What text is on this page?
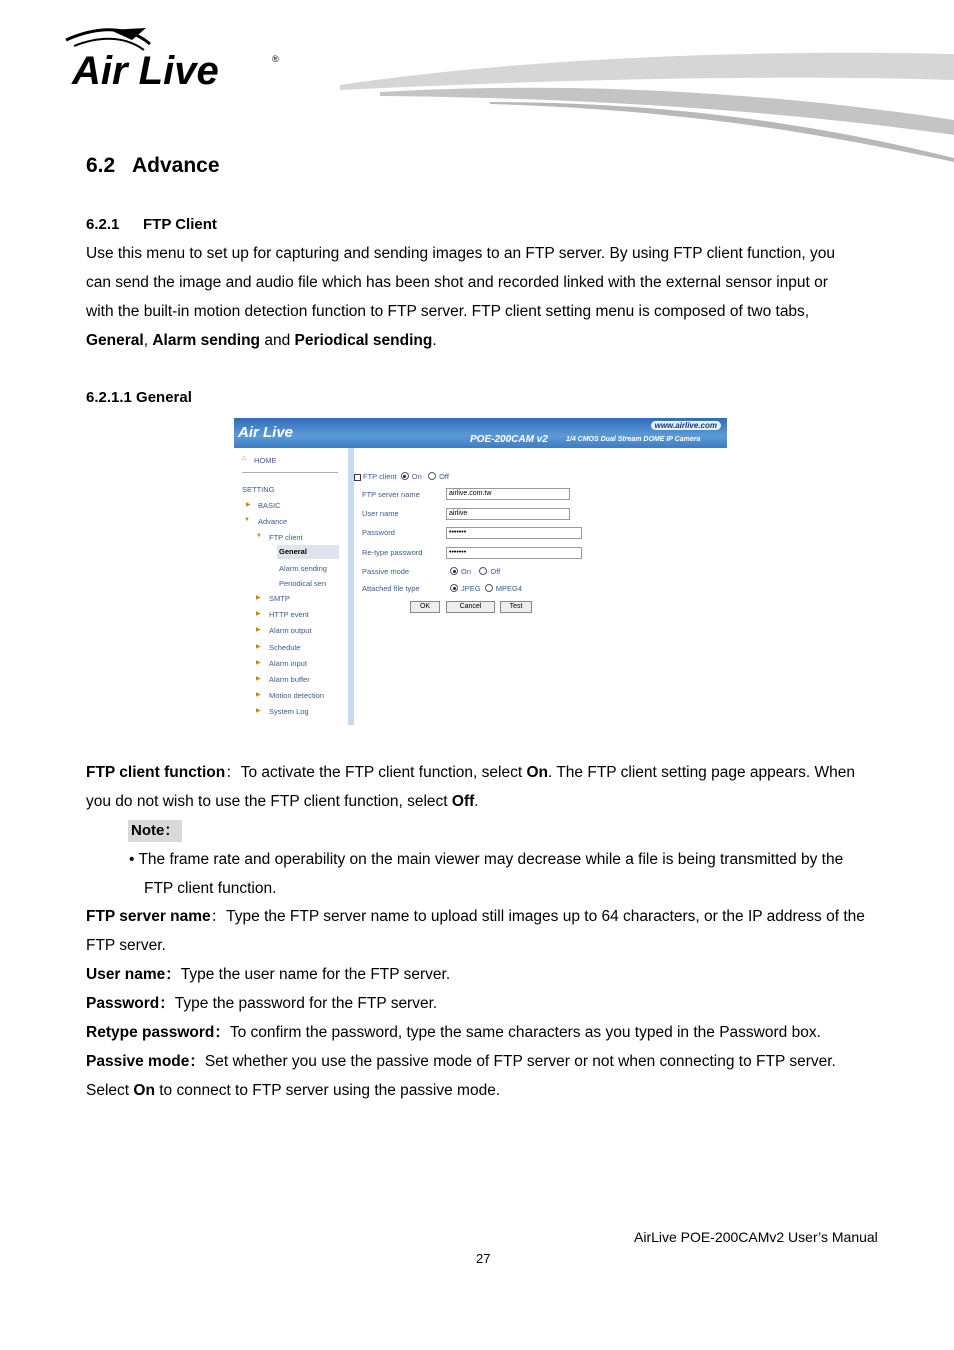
Air Live	®
6.2 Advance
6.2.1 FTP Client
Use this menu to set up for capturing and sending images to an FTP server. By using FTP client function, you
can send the image and audio file which has been shot and recorded linked with the external sensor input or
with the built-in motion detection function to FTP server. FTP client setting menu is composed of two tabs,
General, Alarm sending and Periodical sending.
6.2.1.1 General
Air Live	www.airlive.com
POE-200CAM v2	1/4 CMOS Dual Stream DOME IP Camera
⌂ HOME
SETTING
▶ BASIC
▼ Advance
▼ FTP client
General
Alarm sending
Periodical sen
▶ SMTP
▶ HTTP event
▶ Alarm output
▶ Schedule
▶ Alarm input
▶ Alarm buffer
▶ Motion detection
▶ System Log
FTP client On Off
FTP server name	airlive.com.tw
User name	airlive
Password	•••••••
Re-type password	•••••••
Passive mode	On	Off
Attached file type	JPEG MPEG4
OK	Cancel	Test
FTP client function：To activate the FTP client function, select On. The FTP client setting page appears. When
you do not wish to use the FTP client function, select Off.
Note：
• The frame rate and operability on the main viewer may decrease while a file is being transmitted by the
FTP client function.
FTP server name：Type the FTP server name to upload still images up to 64 characters, or the IP address of the
FTP server.
User name：Type the user name for the FTP server.
Password：Type the password for the FTP server.
Retype password：To confirm the password, type the same characters as you typed in the Password box.
Passive mode：Set whether you use the passive mode of FTP server or not when connecting to FTP server.
Select On to connect to FTP server using the passive mode.
AirLive POE-200CAMv2 User’s Manual
27
